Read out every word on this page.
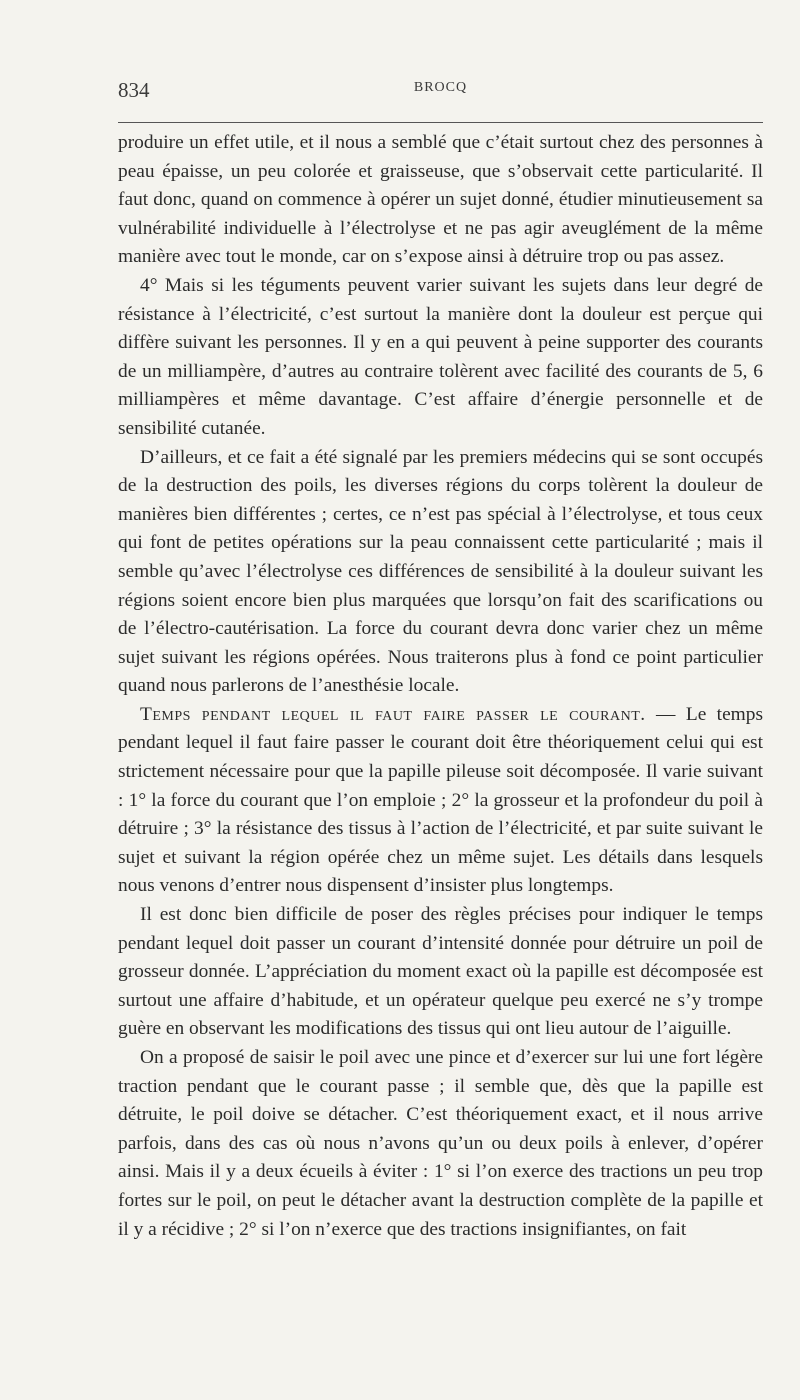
834	BROCQ

produire un effet utile, et il nous a semblé que c’était surtout chez des personnes à peau épaisse, un peu colorée et graisseuse, que s’observait cette particularité. Il faut donc, quand on commence à opérer un sujet donné, étudier minutieusement sa vulnérabilité individuelle à l’électrolyse et ne pas agir aveuglément de la même manière avec tout le monde, car on s’expose ainsi à détruire trop ou pas assez.

4° Mais si les téguments peuvent varier suivant les sujets dans leur degré de résistance à l’électricité, c’est surtout la manière dont la douleur est perçue qui diffère suivant les personnes. Il y en a qui peuvent à peine supporter des courants de un milliampère, d’autres au contraire tolèrent avec facilité des courants de 5, 6 milliampères et même davantage. C’est affaire d’énergie personnelle et de sensibilité cutanée.

D’ailleurs, et ce fait a été signalé par les premiers médecins qui se sont occupés de la destruction des poils, les diverses régions du corps tolèrent la douleur de manières bien différentes ; certes, ce n’est pas spécial à l’électrolyse, et tous ceux qui font de petites opérations sur la peau connaissent cette particularité ; mais il semble qu’avec l’électrolyse ces différences de sensibilité à la douleur suivant les régions soient encore bien plus marquées que lorsqu’on fait des scarifications ou de l’électro-cautérisation. La force du courant devra donc varier chez un même sujet suivant les régions opérées. Nous traiterons plus à fond ce point particulier quand nous parlerons de l’anesthésie locale.

Temps pendant lequel il faut faire passer le courant. — Le temps pendant lequel il faut faire passer le courant doit être théoriquement celui qui est strictement nécessaire pour que la papille pileuse soit décomposée. Il varie suivant : 1° la force du courant que l’on emploie ; 2° la grosseur et la profondeur du poil à détruire ; 3° la résistance des tissus à l’action de l’électricité, et par suite suivant le sujet et suivant la région opérée chez un même sujet. Les détails dans lesquels nous venons d’entrer nous dispensent d’insister plus longtemps.

Il est donc bien difficile de poser des règles précises pour indiquer le temps pendant lequel doit passer un courant d’intensité donnée pour détruire un poil de grosseur donnée. L’appréciation du moment exact où la papille est décomposée est surtout une affaire d’habitude, et un opérateur quelque peu exercé ne s’y trompe guère en observant les modifications des tissus qui ont lieu autour de l’aiguille.

On a proposé de saisir le poil avec une pince et d’exercer sur lui une fort légère traction pendant que le courant passe ; il semble que, dès que la papille est détruite, le poil doive se détacher. C’est théoriquement exact, et il nous arrive parfois, dans des cas où nous n’avons qu’un ou deux poils à enlever, d’opérer ainsi. Mais il y a deux écueils à éviter : 1° si l’on exerce des tractions un peu trop fortes sur le poil, on peut le détacher avant la destruction complète de la papille et il y a récidive ; 2° si l’on n’exerce que des tractions insignifiantes, on fait
